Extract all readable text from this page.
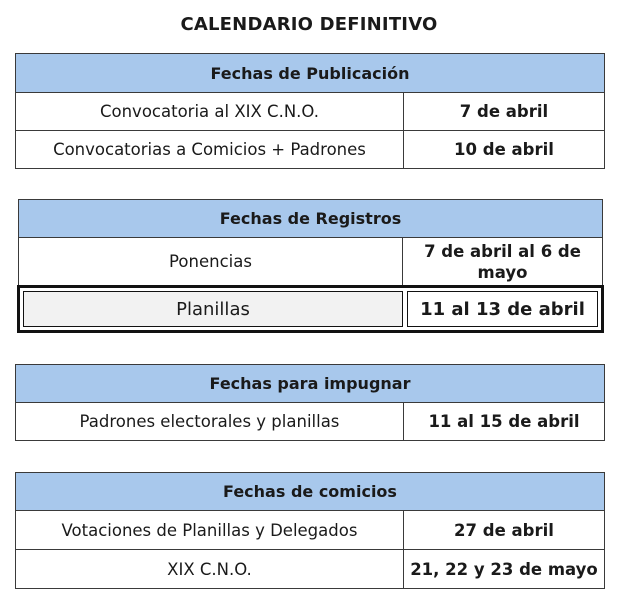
CALENDARIO DEFINITIVO
Fechas de Publicación	
Convocatoria al XIX C.N.O.	7 de abril
Convocatorias a Comicios + Padrones	10 de abril
Fechas de Registros
Ponencias	7 de abril al 6 de mayo
Planillas	11 al 13 de abril
Fechas para impugnar
Padrones electorales y planillas	11 al 15 de abril
Fechas de comicios	
Votaciones de Planillas y Delegados	27 de abril
XIX C.N.O.	21, 22 y 23 de mayo
